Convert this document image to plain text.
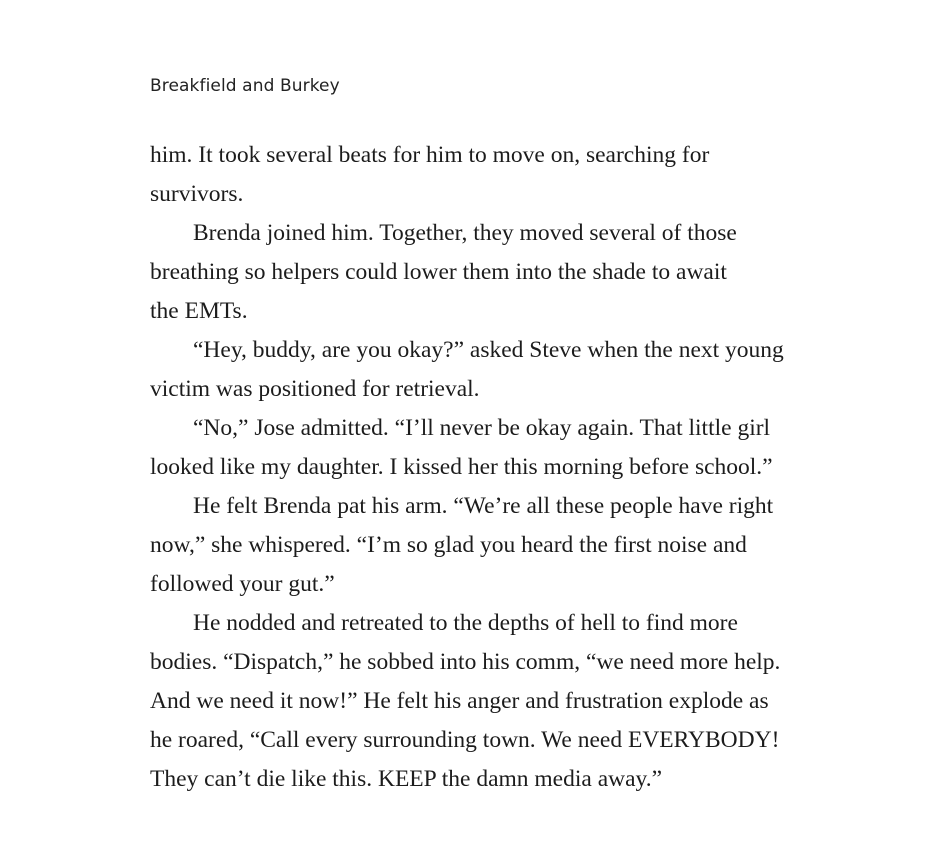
Breakfield and Burkey
him. It took several beats for him to move on, searching for
survivors.
Brenda joined him. Together, they moved several of those
breathing so helpers could lower them into the shade to await
the EMTs.
“Hey, buddy, are you okay?” asked Steve when the next young
victim was positioned for retrieval.
“No,” Jose admitted. “I’ll never be okay again. That little girl
looked like my daughter. I kissed her this morning before school.”
He felt Brenda pat his arm. “We’re all these people have right
now,” she whispered. “I’m so glad you heard the first noise and
followed your gut.”
He nodded and retreated to the depths of hell to find more
bodies. “Dispatch,” he sobbed into his comm, “we need more help.
And we need it now!” He felt his anger and frustration explode as
he roared, “Call every surrounding town. We need EVERYBODY!
They can’t die like this. KEEP the damn media away.”
